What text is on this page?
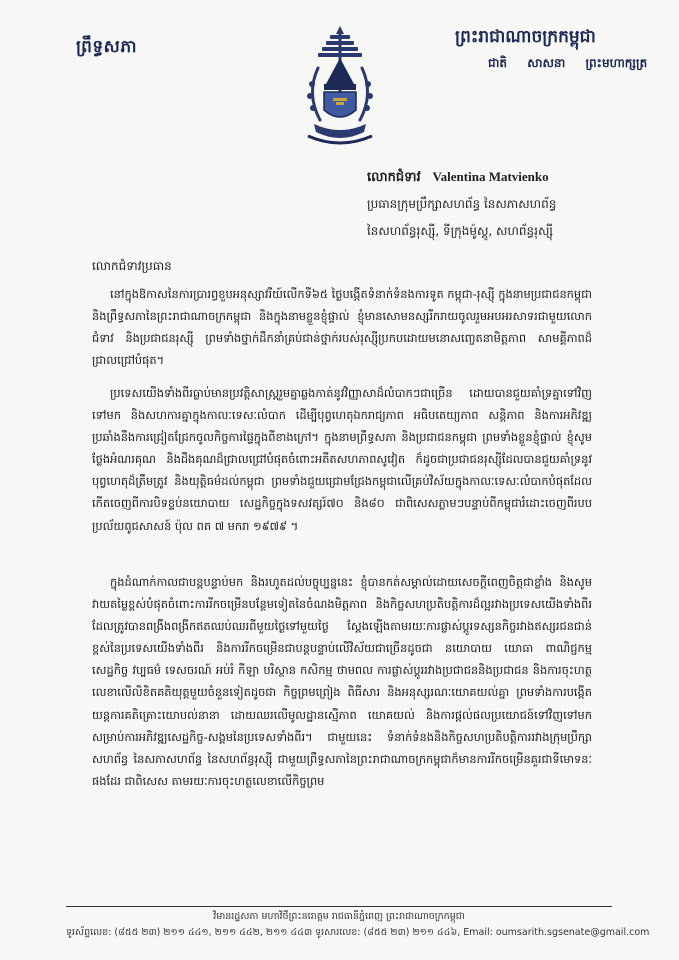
ព្រឹទ្ធសភា	ព្រះរាជាណាចក្រកម្ពុជា
ជាតិ សាសនា ព្រះមហាក្សត្រ
លោកជំទាវ Valentina Matvienko
ប្រធានក្រុមប្រឹក្សាសហព័ន្ធ នៃសភាសហព័ន្ធ
នៃសហព័ន្ធរុស្ស៊ី, ទីក្រុងម៉ូស្គូ, សហព័ន្ធរុស្ស៊ី
លោកជំទាវប្រធាន
នៅក្នុងឱកាសនៃការប្រារព្ធខួបអនុស្សាវរីយ៍លើកទី៦៥ ថ្ងៃបង្កើតទំនាក់ទំនងការទូត កម្ពុជា-រុស្ស៊ី ក្នុងនាមប្រជាជនកម្ពុជា និងព្រឹទ្ធសភានៃព្រះរាជាណាចក្រកម្ពុជា និងក្នុងនាមខ្លួនខ្ញុំផ្ទាល់ ខ្ញុំមានសោមនស្សរីករាយចូលរួមអបអរសាទរជាមួយលោកជំទាវ និងប្រជាជនរុស្ស៊ី ព្រមទាំងថ្នាក់ដឹកនាំគ្រប់ជាន់ថ្នាក់របស់រុស្ស៊ីប្រកបដោយមនោសញ្ចេតនាមិត្តភាព សាមគ្គីភាពដ៏ជ្រាលជ្រៅបំផុត។
ប្រទេសយើងទាំងពីរធ្លាប់មានប្រវត្តិសាស្ត្ររួមគ្នាឆ្លងកាត់នូវវិញ្ញាសាដ៏លំបាកៗជាច្រើន ដោយបានជួយគាំទ្រគ្នាទៅវិញទៅមក និងសហការគ្នាក្នុងកាលៈទេសៈលំបាក ដើម្បីបុព្វហេតុឯករាជ្យភាព អធិបតេយ្យភាព សន្តិភាព និងការអភិវឌ្ឍ ប្រឆាំងនឹងការជ្រៀតជ្រែកចូលកិច្ចការផ្ទៃក្នុងពីខាងក្រៅ។ ក្នុងនាមព្រឹទ្ធសភា និងប្រជាជនកម្ពុជា ព្រមទាំងខ្លួនខ្ញុំផ្ទាល់ ខ្ញុំសូមថ្លែងអំណរគុណ និងដឹងគុណដ៏ជ្រាលជ្រៅបំផុតចំពោះអតីតសហភាពសូវៀត ក៏ដូចជាប្រជាជនរុស្ស៊ីដែលបានជួយគាំទ្រនូវបុព្វហេតុដ៏ត្រឹមត្រូវ និងយុត្តិធម៌ដល់កម្ពុជា ព្រមទាំងជួយជ្រោមជ្រែងកម្ពុជាលើគ្រប់វិស័យក្នុងកាលៈទេសៈលំបាកបំផុតដែលកើតចេញពីការបិទខ្ទប់នយោបាយ សេដ្ឋកិច្ចក្នុងទសវត្សរ៍៧០ និង៨០ ជាពិសេសភ្លាមៗបន្ទាប់ពីកម្ពុជារំដោះចេញពីរបបប្រល័យពូជសាសន៍ ប៉ុល ពត ៧ មករា ១៩៧៩ ។
ក្នុងដំណាក់កាលជាបន្តបន្ទាប់មក និងរហូតដល់បច្ចុប្បន្ននេះ ខ្ញុំបានកត់សម្គាល់ដោយសេចក្តីពេញចិត្តជាខ្លាំង និងសូមវាយតម្លៃខ្ពស់បំផុតចំពោះការរីកចម្រើនបន្ថែមទៀតនៃចំណងមិត្តភាព និងកិច្ចសហប្រតិបត្តិការដ៏ល្អរវាងប្រទេសយើងទាំងពីរ ដែលត្រូវបានពង្រឹងពង្រីកឥតឈប់ឈរពីមួយថ្ងៃទៅមួយថ្ងៃ ស្តែងឡើងតាមរយៈការផ្លាស់ប្តូរទស្សនកិច្ចរវាងឥស្សរជនជាន់ខ្ពស់នៃប្រទេសយើងទាំងពីរ និងការរីកចម្រើនជាបន្តបន្ទាប់លើវិស័យជាច្រើនដូចជា នយោបាយ យោធា ពាណិជ្ជកម្ម សេដ្ឋកិច្ច វប្បធម៌ ទេសចរណ៍ អប់រំ កីឡា បរិស្ថាន កសិកម្ម ថាមពល ការផ្លាស់ប្តូររវាងប្រជាជននិងប្រជាជន និងការចុះហត្ថលេខាលើលិខិតគតិយុត្តមួយចំនួនទៀតដូចជា កិច្ចព្រមព្រៀង ពិធីសារ និងអនុស្សរណៈយោគយល់គ្នា ព្រមទាំងការបង្កើតយន្តការគតិគ្រោះយោបល់នានា ដោយឈរលើមូលដ្ឋានស្មើភាព យោគយល់ និងការផ្តល់ផលប្រយោជន៍ទៅវិញទៅមកសម្រាប់ការអភិវឌ្ឍសេដ្ឋកិច្ច-សង្គមនៃប្រទេសទាំងពីរ។ ជាមួយនេះ ទំនាក់ទំនងនិងកិច្ចសហប្រតិបត្តិការរវាងក្រុមប្រឹក្សាសហព័ន្ធ នៃសភាសហព័ន្ធ នៃសហព័ន្ធរុស្ស៊ី ជាមួយព្រឹទ្ធសភានៃព្រះរាជាណាចក្រកម្ពុជាក៏មានការរីកចម្រើនគួរជាទីមោទនៈផងដែរ ជាពិសេស តាមរយៈការចុះហត្ថលេខាលើកិច្ចព្រម
វិមានរដ្ឋសភា មហាវិថីព្រះនរោត្តម រាជធានីភ្នំពេញ ព្រះរាជាណាចក្រកម្ពុជា
ទូរស័ព្ទលេខ: (៨៥៥ ២៣) ២១១ ៤៤១, ២១១ ៤៤២, ២១១ ៤៤៣ ទូរសារលេខ: (៨៥៥ ២៣) ២១១ ៤៤៦, Email: oumsarith.sgsenate@gmail.com
